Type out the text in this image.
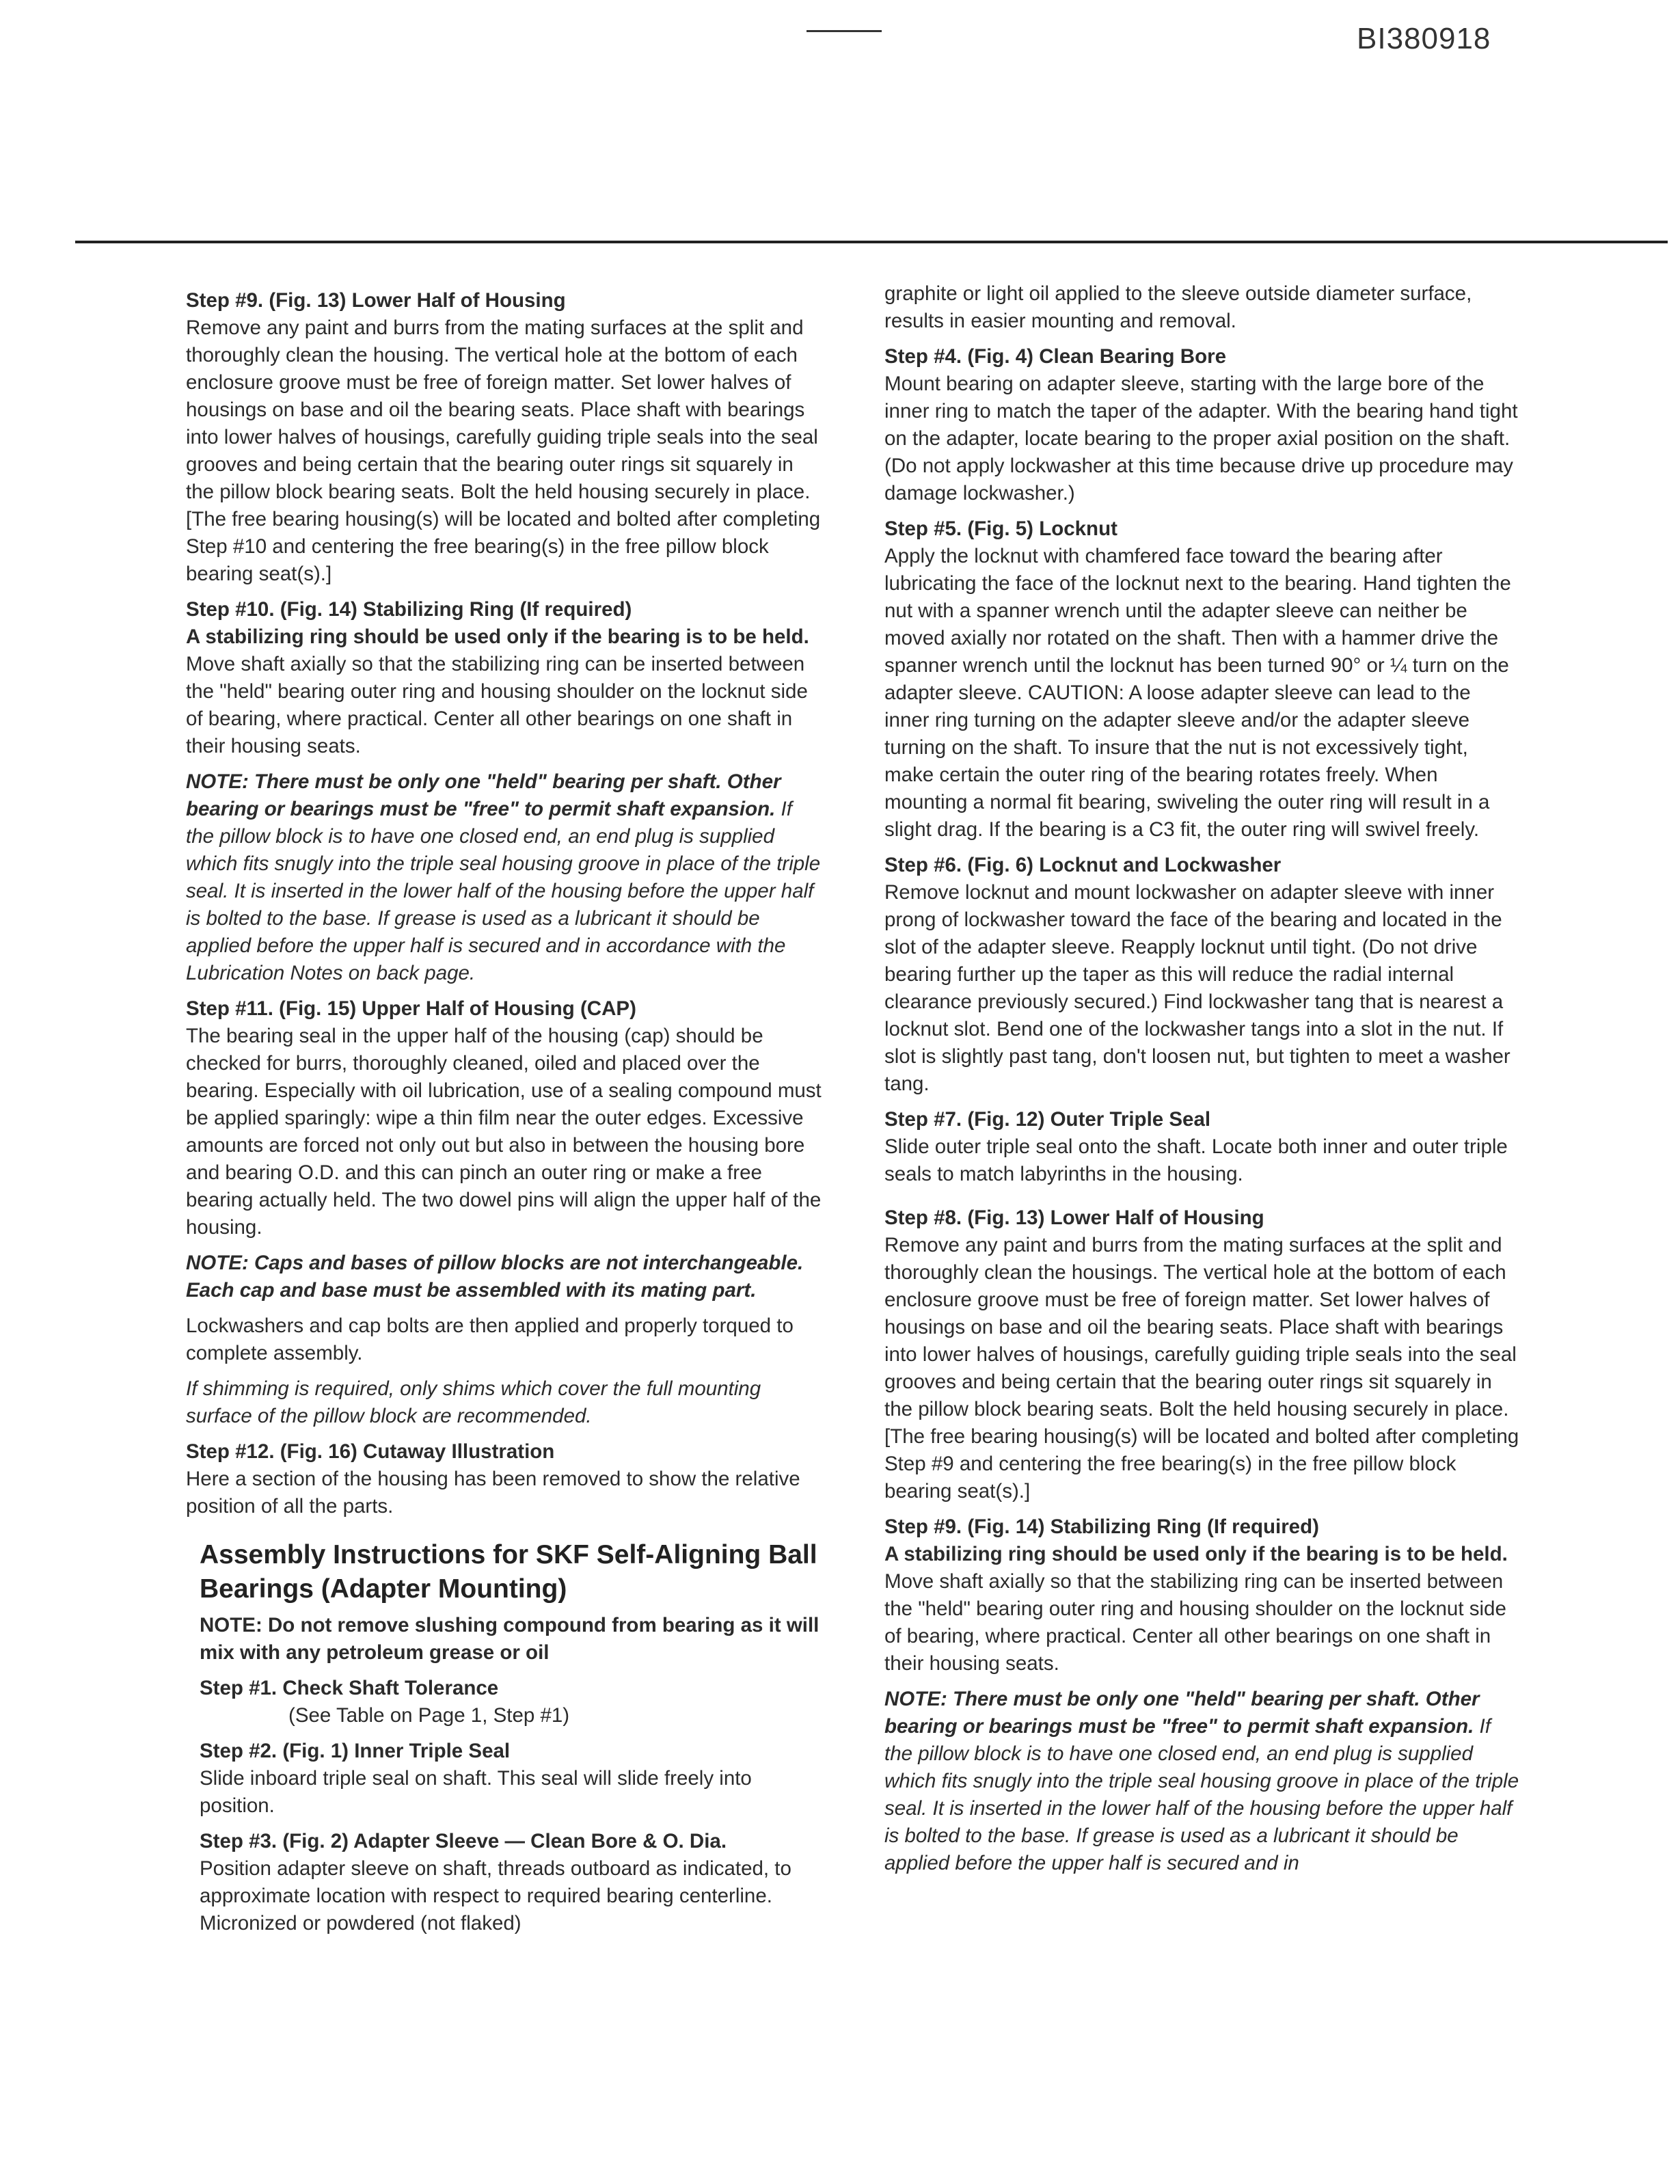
BI380918
Step #9. (Fig. 13) Lower Half of Housing
Remove any paint and burrs from the mating surfaces at the split and thoroughly clean the housing. The vertical hole at the bottom of each enclosure groove must be free of foreign matter. Set lower halves of housings on base and oil the bearing seats. Place shaft with bearings into lower halves of housings, carefully guiding triple seals into the seal grooves and being certain that the bearing outer rings sit squarely in the pillow block bearing seats. Bolt the held housing securely in place. [The free bearing housing(s) will be located and bolted after completing Step #10 and centering the free bearing(s) in the free pillow block bearing seat(s).]
Step #10. (Fig. 14) Stabilizing Ring (If required)
A stabilizing ring should be used only if the bearing is to be held. Move shaft axially so that the stabilizing ring can be inserted between the "held" bearing outer ring and housing shoulder on the locknut side of bearing, where practical. Center all other bearings on one shaft in their housing seats.
NOTE: There must be only one "held" bearing per shaft. Other bearing or bearings must be "free" to permit shaft expansion. If the pillow block is to have one closed end, an end plug is supplied which fits snugly into the triple seal housing groove in place of the triple seal. It is inserted in the lower half of the housing before the upper half is bolted to the base. If grease is used as a lubricant it should be applied before the upper half is secured and in accordance with the Lubrication Notes on back page.
Step #11. (Fig. 15) Upper Half of Housing (CAP)
The bearing seal in the upper half of the housing (cap) should be checked for burrs, thoroughly cleaned, oiled and placed over the bearing. Especially with oil lubrication, use of a sealing compound must be applied sparingly: wipe a thin film near the outer edges. Excessive amounts are forced not only out but also in between the housing bore and bearing O.D. and this can pinch an outer ring or make a free bearing actually held. The two dowel pins will align the upper half of the housing.
NOTE: Caps and bases of pillow blocks are not interchangeable. Each cap and base must be assembled with its mating part.
Lockwashers and cap bolts are then applied and properly torqued to complete assembly.
If shimming is required, only shims which cover the full mounting surface of the pillow block are recommended.
Step #12. (Fig. 16) Cutaway Illustration
Here a section of the housing has been removed to show the relative position of all the parts.
Assembly Instructions for SKF Self-Aligning Ball Bearings (Adapter Mounting)
NOTE: Do not remove slushing compound from bearing as it will mix with any petroleum grease or oil
Step #1. Check Shaft Tolerance
(See Table on Page 1, Step #1)
Step #2. (Fig. 1) Inner Triple Seal
Slide inboard triple seal on shaft. This seal will slide freely into position.
Step #3. (Fig. 2) Adapter Sleeve — Clean Bore & O. Dia.
Position adapter sleeve on shaft, threads outboard as indicated, to approximate location with respect to required bearing centerline. Micronized or powdered (not flaked)
graphite or light oil applied to the sleeve outside diameter surface, results in easier mounting and removal.
Step #4. (Fig. 4) Clean Bearing Bore
Mount bearing on adapter sleeve, starting with the large bore of the inner ring to match the taper of the adapter. With the bearing hand tight on the adapter, locate bearing to the proper axial position on the shaft. (Do not apply lockwasher at this time because drive up procedure may damage lockwasher.)
Step #5. (Fig. 5) Locknut
Apply the locknut with chamfered face toward the bearing after lubricating the face of the locknut next to the bearing. Hand tighten the nut with a spanner wrench until the adapter sleeve can neither be moved axially nor rotated on the shaft. Then with a hammer drive the spanner wrench until the locknut has been turned 90° or ¼ turn on the adapter sleeve. CAUTION: A loose adapter sleeve can lead to the inner ring turning on the adapter sleeve and/or the adapter sleeve turning on the shaft. To insure that the nut is not excessively tight, make certain the outer ring of the bearing rotates freely. When mounting a normal fit bearing, swiveling the outer ring will result in a slight drag. If the bearing is a C3 fit, the outer ring will swivel freely.
Step #6. (Fig. 6) Locknut and Lockwasher
Remove locknut and mount lockwasher on adapter sleeve with inner prong of lockwasher toward the face of the bearing and located in the slot of the adapter sleeve. Reapply locknut until tight. (Do not drive bearing further up the taper as this will reduce the radial internal clearance previously secured.) Find lockwasher tang that is nearest a locknut slot. Bend one of the lockwasher tangs into a slot in the nut. If slot is slightly past tang, don't loosen nut, but tighten to meet a washer tang.
Step #7. (Fig. 12) Outer Triple Seal
Slide outer triple seal onto the shaft. Locate both inner and outer triple seals to match labyrinths in the housing.
Step #8. (Fig. 13) Lower Half of Housing
Remove any paint and burrs from the mating surfaces at the split and thoroughly clean the housings. The vertical hole at the bottom of each enclosure groove must be free of foreign matter. Set lower halves of housings on base and oil the bearing seats. Place shaft with bearings into lower halves of housings, carefully guiding triple seals into the seal grooves and being certain that the bearing outer rings sit squarely in the pillow block bearing seats. Bolt the held housing securely in place. [The free bearing housing(s) will be located and bolted after completing Step #9 and centering the free bearing(s) in the free pillow block bearing seat(s).]
Step #9. (Fig. 14) Stabilizing Ring (If required)
A stabilizing ring should be used only if the bearing is to be held. Move shaft axially so that the stabilizing ring can be inserted between the "held" bearing outer ring and housing shoulder on the locknut side of bearing, where practical. Center all other bearings on one shaft in their housing seats.
NOTE: There must be only one "held" bearing per shaft. Other bearing or bearings must be "free" to permit shaft expansion. If the pillow block is to have one closed end, an end plug is supplied which fits snugly into the triple seal housing groove in place of the triple seal. It is inserted in the lower half of the housing before the upper half is bolted to the base. If grease is used as a lubricant it should be applied before the upper half is secured and in
